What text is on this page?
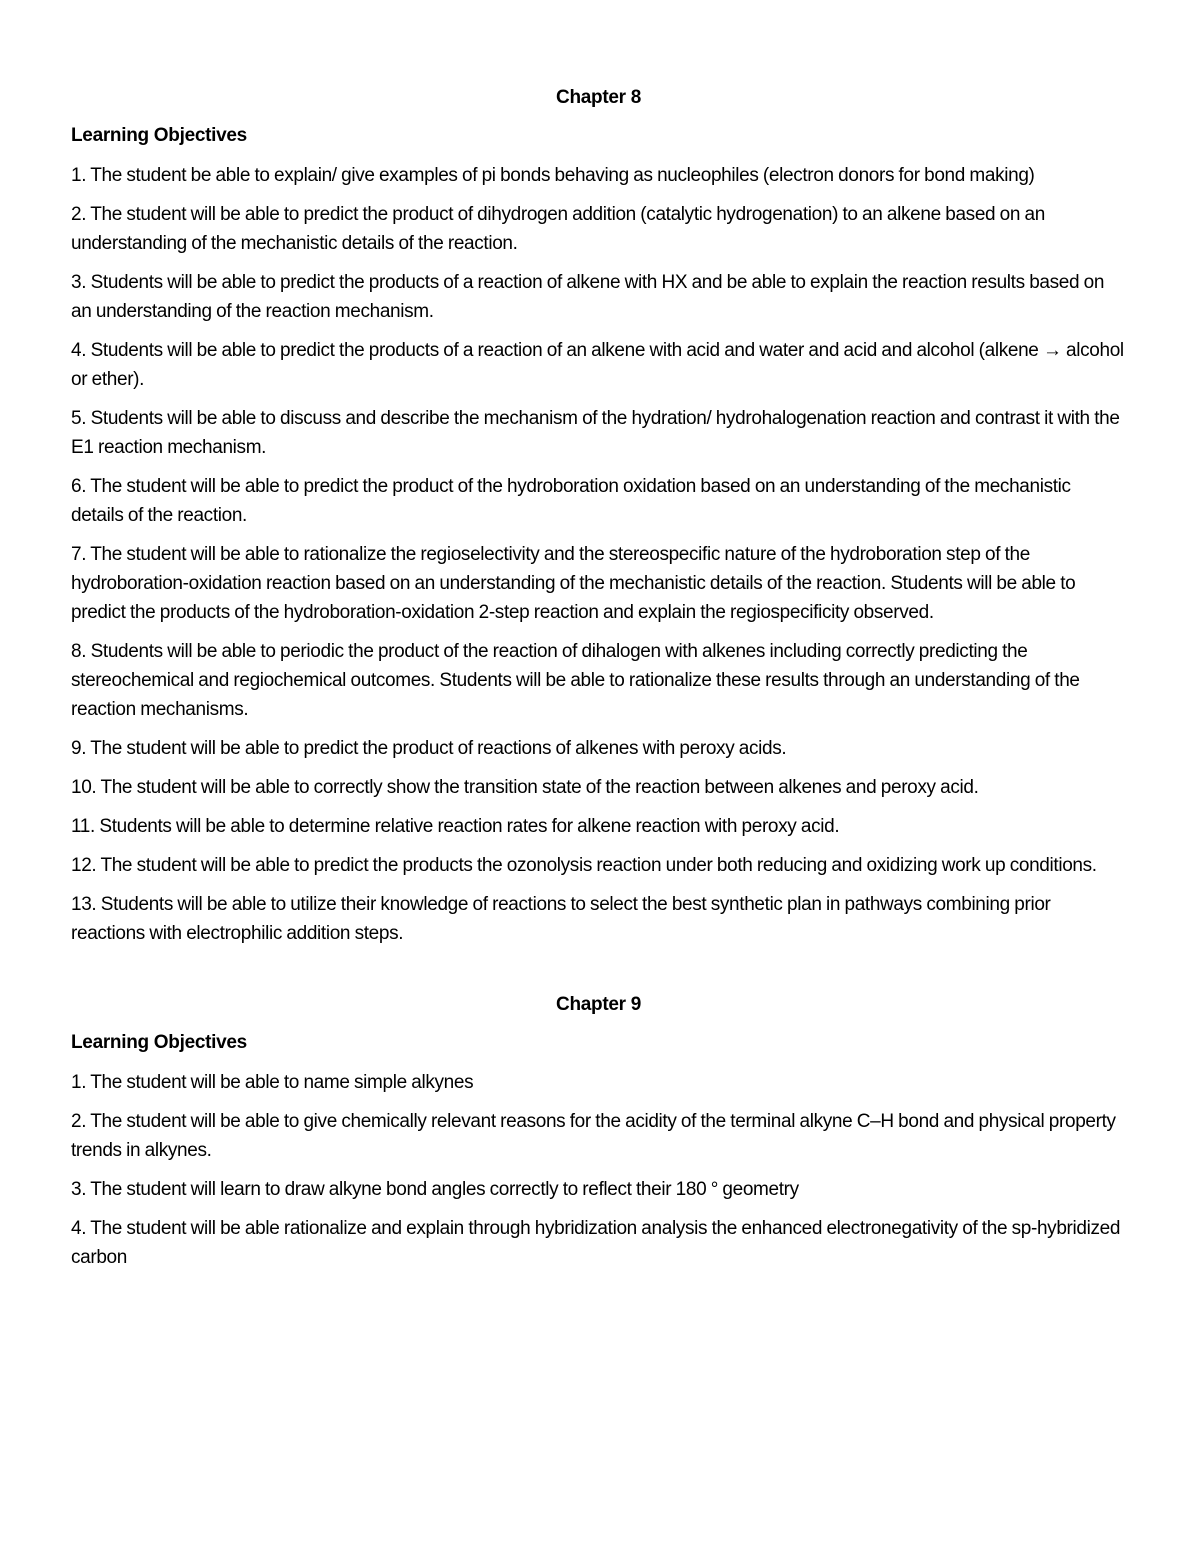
Chapter 8
Learning Objectives

1. The student be able to explain/ give examples of pi bonds behaving as nucleophiles (electron donors for bond making)

2. The student will be able to predict the product of dihydrogen addition (catalytic hydrogenation) to an alkene based on an understanding of the mechanistic details of the reaction.

3. Students will be able to predict the products of a reaction of alkene with HX and be able to explain the reaction results based on an understanding of the reaction mechanism.

4. Students will be able to predict the products of a reaction of an alkene with acid and water and acid and alcohol (alkene → alcohol or ether).

5. Students will be able to discuss and describe the mechanism of the hydration/ hydrohalogenation reaction and contrast it with the E1 reaction mechanism.

6. The student will be able to predict the product of the hydroboration oxidation based on an understanding of the mechanistic details of the reaction.

7. The student will be able to rationalize the regioselectivity and the stereospecific nature of the hydroboration step of the hydroboration-oxidation reaction based on an understanding of the mechanistic details of the reaction. Students will be able to predict the products of the hydroboration-oxidation 2-step reaction and explain the regiospecificity observed.

8. Students will be able to periodic the product of the reaction of dihalogen with alkenes including correctly predicting the stereochemical and regiochemical outcomes. Students will be able to rationalize these results through an understanding of the reaction mechanisms.

9. The student will be able to predict the product of reactions of alkenes with peroxy acids.

10. The student will be able to correctly show the transition state of the reaction between alkenes and peroxy acid.

11. Students will be able to determine relative reaction rates for alkene reaction with peroxy acid.

12. The student will be able to predict the products the ozonolysis reaction under both reducing and oxidizing work up conditions.

13. Students will be able to utilize their knowledge of reactions to select the best synthetic plan in pathways combining prior reactions with electrophilic addition steps.

Chapter 9
Learning Objectives

1. The student will be able to name simple alkynes

2. The student will be able to give chemically relevant reasons for the acidity of the terminal alkyne C–H bond and physical property trends in alkynes.

3. The student will learn to draw alkyne bond angles correctly to reflect their 180 ° geometry

4. The student will be able rationalize and explain through hybridization analysis the enhanced electronegativity of the sp-hybridized carbon
